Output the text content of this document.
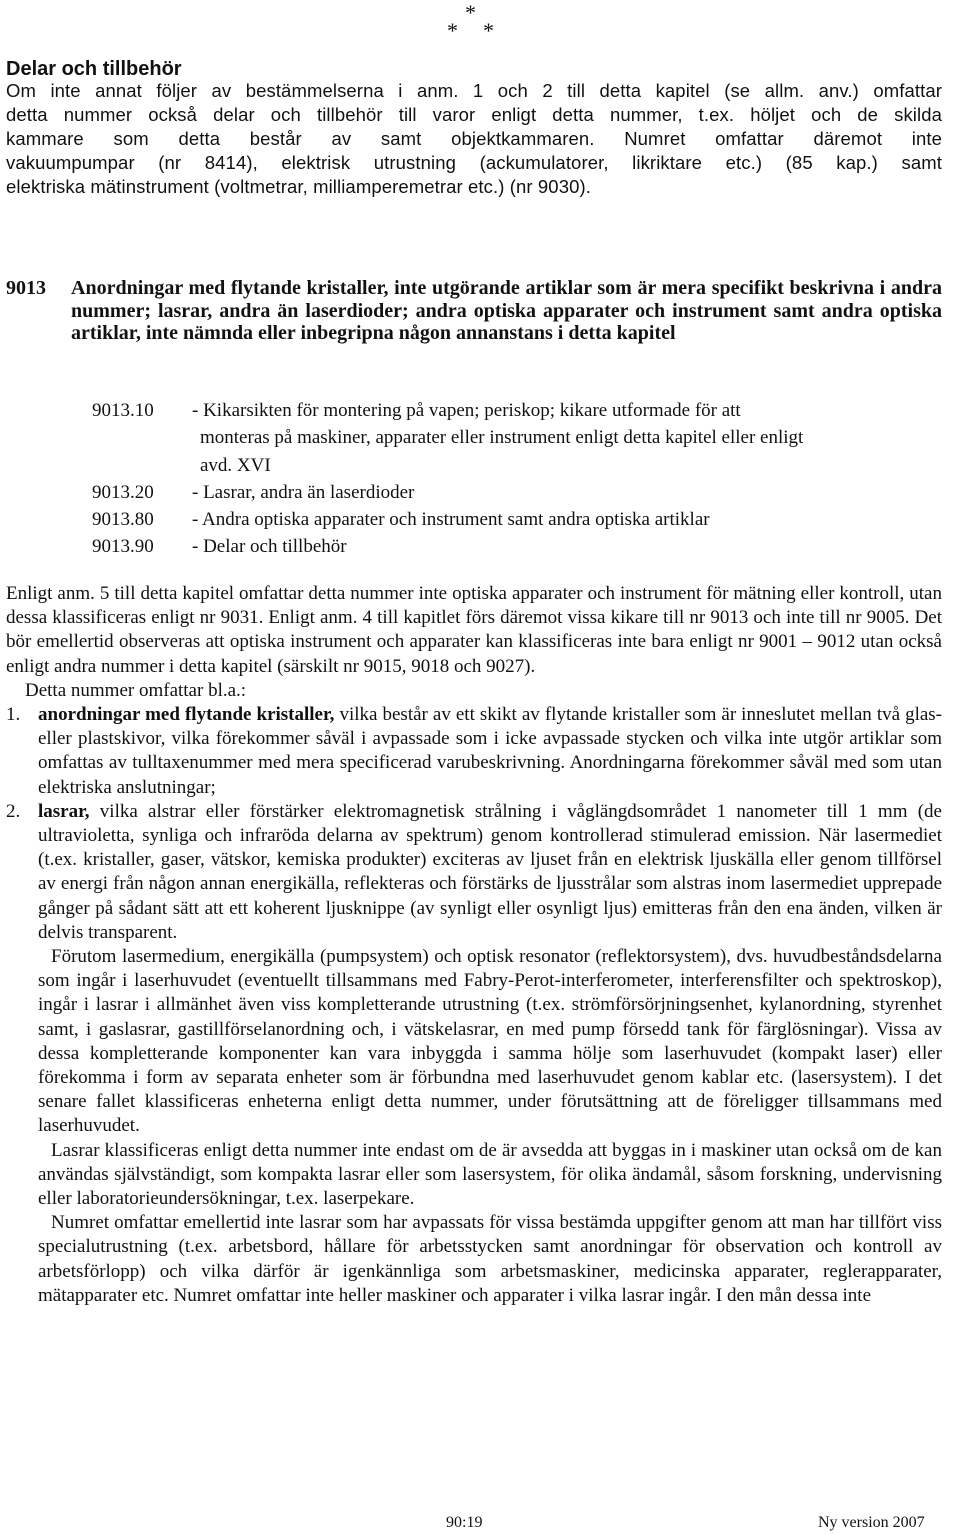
*
* *
Delar och tillbehör
Om inte annat följer av bestämmelserna i anm. 1 och 2 till detta kapitel (se allm. anv.) omfattar
detta nummer också delar och tillbehör till varor enligt detta nummer, t.ex. höljet och de skilda
kammare som detta består av samt objektkammaren. Numret omfattar däremot inte
vakuumpumpar (nr 8414), elektrisk utrustning (ackumulatorer, likriktare etc.) (85 kap.) samt
elektriska mätinstrument (voltmetrar, milliamperemetrar etc.) (nr 9030).
9013 Anordningar med flytande kristaller, inte utgörande artiklar som är mera specifikt beskrivna i andra nummer; lasrar, andra än laserdioder; andra optiska apparater och instrument samt andra optiska artiklar, inte nämnda eller inbegripna någon annanstans i detta kapitel
9013.10 - Kikarsikten för montering på vapen; periskop; kikare utformade för att
monteras på maskiner, apparater eller instrument enligt detta kapitel eller enligt
avd. XVI
9013.20 - Lasrar, andra än laserdioder
9013.80 - Andra optiska apparater och instrument samt andra optiska artiklar
9013.90 - Delar och tillbehör

Enligt anm. 5 till detta kapitel omfattar detta nummer inte optiska apparater och instrument för mätning eller kontroll, utan dessa klassificeras enligt nr 9031. Enligt anm. 4 till kapitlet förs däremot vissa kikare till nr 9013 och inte till nr 9005. Det bör emellertid observeras att optiska instrument och apparater kan klassificeras inte bara enligt nr 9001 – 9012 utan också enligt andra nummer i detta kapitel (särskilt nr 9015, 9018 och 9027).

Detta nummer omfattar bl.a.:

1. anordningar med flytande kristaller, vilka består av ett skikt av flytande kristaller som är inneslutet mellan två glas- eller plastskivor, vilka förekommer såväl i avpassade som i icke avpassade stycken och vilka inte utgör artiklar som omfattas av tulltaxenummer med mera specificerad varubeskrivning. Anordningarna förekommer såväl med som utan elektriska anslutningar;

2. lasrar, vilka alstrar eller förstärker elektromagnetisk strålning i våglängdsområdet 1 nanometer till 1 mm (de ultravioletta, synliga och infraröda delarna av spektrum) genom kontrollerad stimulerad emission. När lasermediet (t.ex. kristaller, gaser, vätskor, kemiska produkter) exciteras av ljuset från en elektrisk ljuskälla eller genom tillförsel av energi från någon annan energikälla, reflekteras och förstärks de ljusstrålar som alstras inom lasermediet upprepade gånger på sådant sätt att ett koherent ljusknippe (av synligt eller osynligt ljus) emitteras från den ena änden, vilken är delvis transparent.

Förutom lasermedium, energikälla (pumpsystem) och optisk resonator (reflektorsystem), dvs. huvudbeståndsdelarna som ingår i laserhuvudet (eventuellt tillsammans med Fabry-Perot-interferometer, interferensfilter och spektroskop), ingår i lasrar i allmänhet även viss kompletterande utrustning (t.ex. strömförsörjningsenhet, kylanordning, styrenhet samt, i gaslasrar, gastillförselanordning och, i vätskelasrar, en med pump försedd tank för färglösningar). Vissa av dessa kompletterande komponenter kan vara inbyggda i samma hölje som laserhuvudet (kompakt laser) eller förekomma i form av separata enheter som är förbundna med laserhuvudet genom kablar etc. (lasersystem). I det senare fallet klassificeras enheterna enligt detta nummer, under förutsättning att de föreligger tillsammans med laserhuvudet.

Lasrar klassificeras enligt detta nummer inte endast om de är avsedda att byggas in i maskiner utan också om de kan användas självständigt, som kompakta lasrar eller som lasersystem, för olika ändamål, såsom forskning, undervisning eller laboratorieundersökningar, t.ex. laserpekare.

Numret omfattar emellertid inte lasrar som har avpassats för vissa bestämda uppgifter genom att man har tillfört viss specialutrustning (t.ex. arbetsbord, hållare för arbetsstycken samt anordningar för observation och kontroll av arbetsförlopp) och vilka därför är igenkännliga som arbetsmaskiner, medicinska apparater, reglerapparater, mätapparater etc. Numret omfattar inte heller maskiner och apparater i vilka lasrar ingår. I den mån dessa inte

90:19	Ny version 2007
